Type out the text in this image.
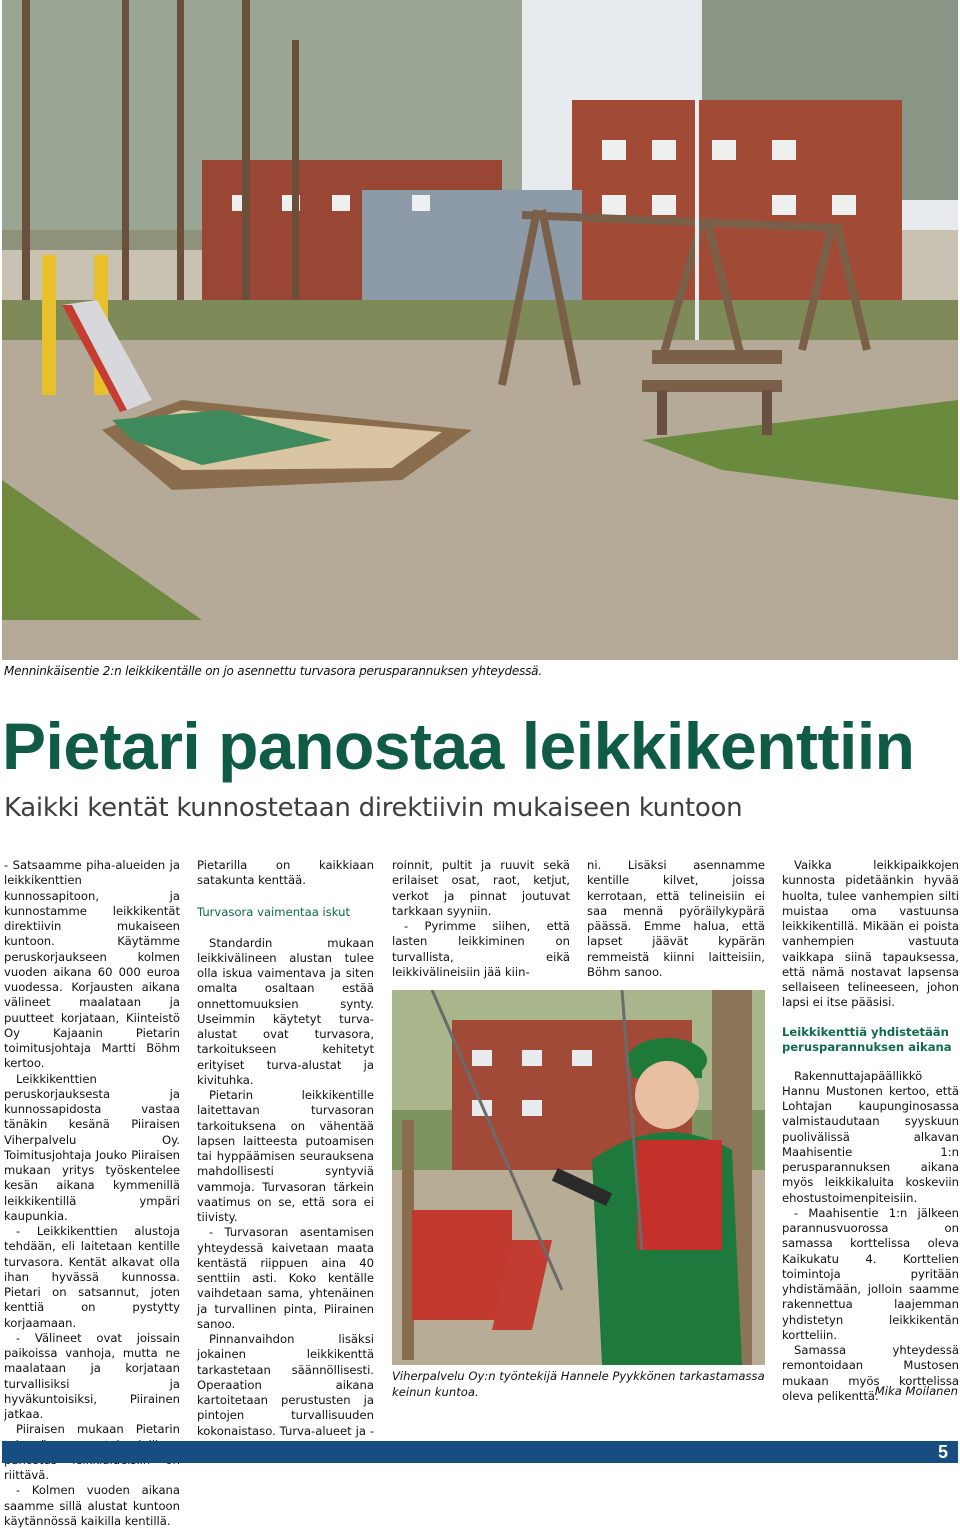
Menninkäisentie 2:n leikkikentälle on jo asennettu turvasora perusparannuksen yhteydessä.
Pietari panostaa leikkikenttiin
Kaikki kentät kunnostetaan direktiivin mukaiseen kuntoon

- Satsaamme piha-alueiden ja leikkikenttien kunnossapitoon, ja kunnostamme leikkikentät direktiivin mukaiseen kuntoon. Käytämme peruskorjaukseen kolmen vuoden aikana 60 000 euroa vuodessa. Korjausten aikana välineet maalataan ja puutteet korjataan, Kiinteistö Oy Kajaanin Pietarin toimitusjohtaja Martti Böhm kertoo.

Leikkikenttien peruskorjauksesta ja kunnossapidosta vastaa tänäkin kesänä Piiraisen Viherpalvelu Oy. Toimitusjohtaja Jouko Piiraisen mukaan yritys työskentelee kesän aikana kymmenillä leikkikentillä ympäri kaupunkia.

- Leikkikenttien alustoja tehdään, eli laitetaan kentille turvasora. Kentät alkavat olla ihan hyvässä kunnossa. Pietari on satsannut, joten kenttiä on pystytty korjaamaan.

- Välineet ovat joissain paikoissa vanhoja, mutta ne maalataan ja korjataan turvallisiksi ja hyväkuntoisiksi, Piirainen jatkaa.

Piiraisen mukaan Pietarin riittävä.

- Kolmen vuoden aikana saamme sillä alustat kuntoon käytännössä kaikilla kentillä.

Pietarilla on kaikkiaan satakunta kenttää.

Turvasora vaimentaa iskut

Standardin mukaan leikkivälineen alustan tulee olla iskua vaimentava ja siten omalta osaltaan estää onnettomuuksien synty. Useimmin käytetyt turva-alustat ovat turvasora, tarkoitukseen kehitetyt erityiset turva-alustat ja kivituhka.

Pietarin leikkikentille laitettavan turvasoran tarkoituksena on vähentää lapsen laitteesta putoamisen tai hyppäämisen seurauksena mahdollisesti syntyviä vammoja. Turvasoran tärkein vaatimus on se, että sora ei tiivisty.

- Turvasoran asentamisen yhteydessä kaivetaan maata kentästä riippuen aina 40 senttiin asti. Koko kentälle vaihdetaan sama, yhtenäinen ja turvallinen pinta, Piirainen sanoo.

Pinnanvaihdon lisäksi jokainen leikkikenttä tarkastetaan säännöllisesti. Operaation aikana kartoitetaan perustusten ja pintojen turvallisuuden kokonaistaso. Turva-alueet ja -

roinnit, pultit ja ruuvit sekä erilaiset osat, raot, ketjut, verkot ja pinnat joutuvat tarkkaan syyniin.

- Pyrimme siihen, että lasten leikkiminen on turvallista, eikä leikkivälineisiin jää kiin-

ni. Lisäksi asennamme kentille kilvet, joissa kerrotaan, että telineisiin ei saa mennä pyöräilykypärä päässä. Emme halua, että lapset jäävät kypärän remmeistä kiinni laitteisiin, Böhm sanoo.

Vaikka leikkipaikkojen kunnosta pidetäänkin hyvää huolta, tulee vanhempien silti muistaa oma vastuunsa leikkikentillä. Mikään ei poista vanhempien vastuuta vaikkapa siinä tapauksessa, että nämä nostavat lapsensa sellaiseen telineeseen, johon lapsi ei itse pääsisi.

Leikkikenttiä yhdistetään perusparannuksen aikana

Rakennuttajapäällikkö Hannu Mustonen kertoo, että Lohtajan kaupunginosassa valmistaudutaan syyskuun puolivälissä alkavan Maahisentie 1:n perusparannuksen aikana myös leikkikaluita koskeviin ehostustoimenpiteisiin.

- Maahisentie 1:n jälkeen parannusvuorossa on samassa korttelissa oleva Kaikukatu 4. Korttelien toimintoja pyritään yhdistämään, jolloin saamme rakennettua laajemman yhdistetyn leikkikentän kortteliin.

Samassa yhteydessä remontoidaan Mustosen mukaan myös korttelissa oleva pelikenttä.

Viherpalvelu Oy:n työntekijä Hannele Pyykkönen tarkastamassa keinun kuntoa.	Mika Moilanen
5
